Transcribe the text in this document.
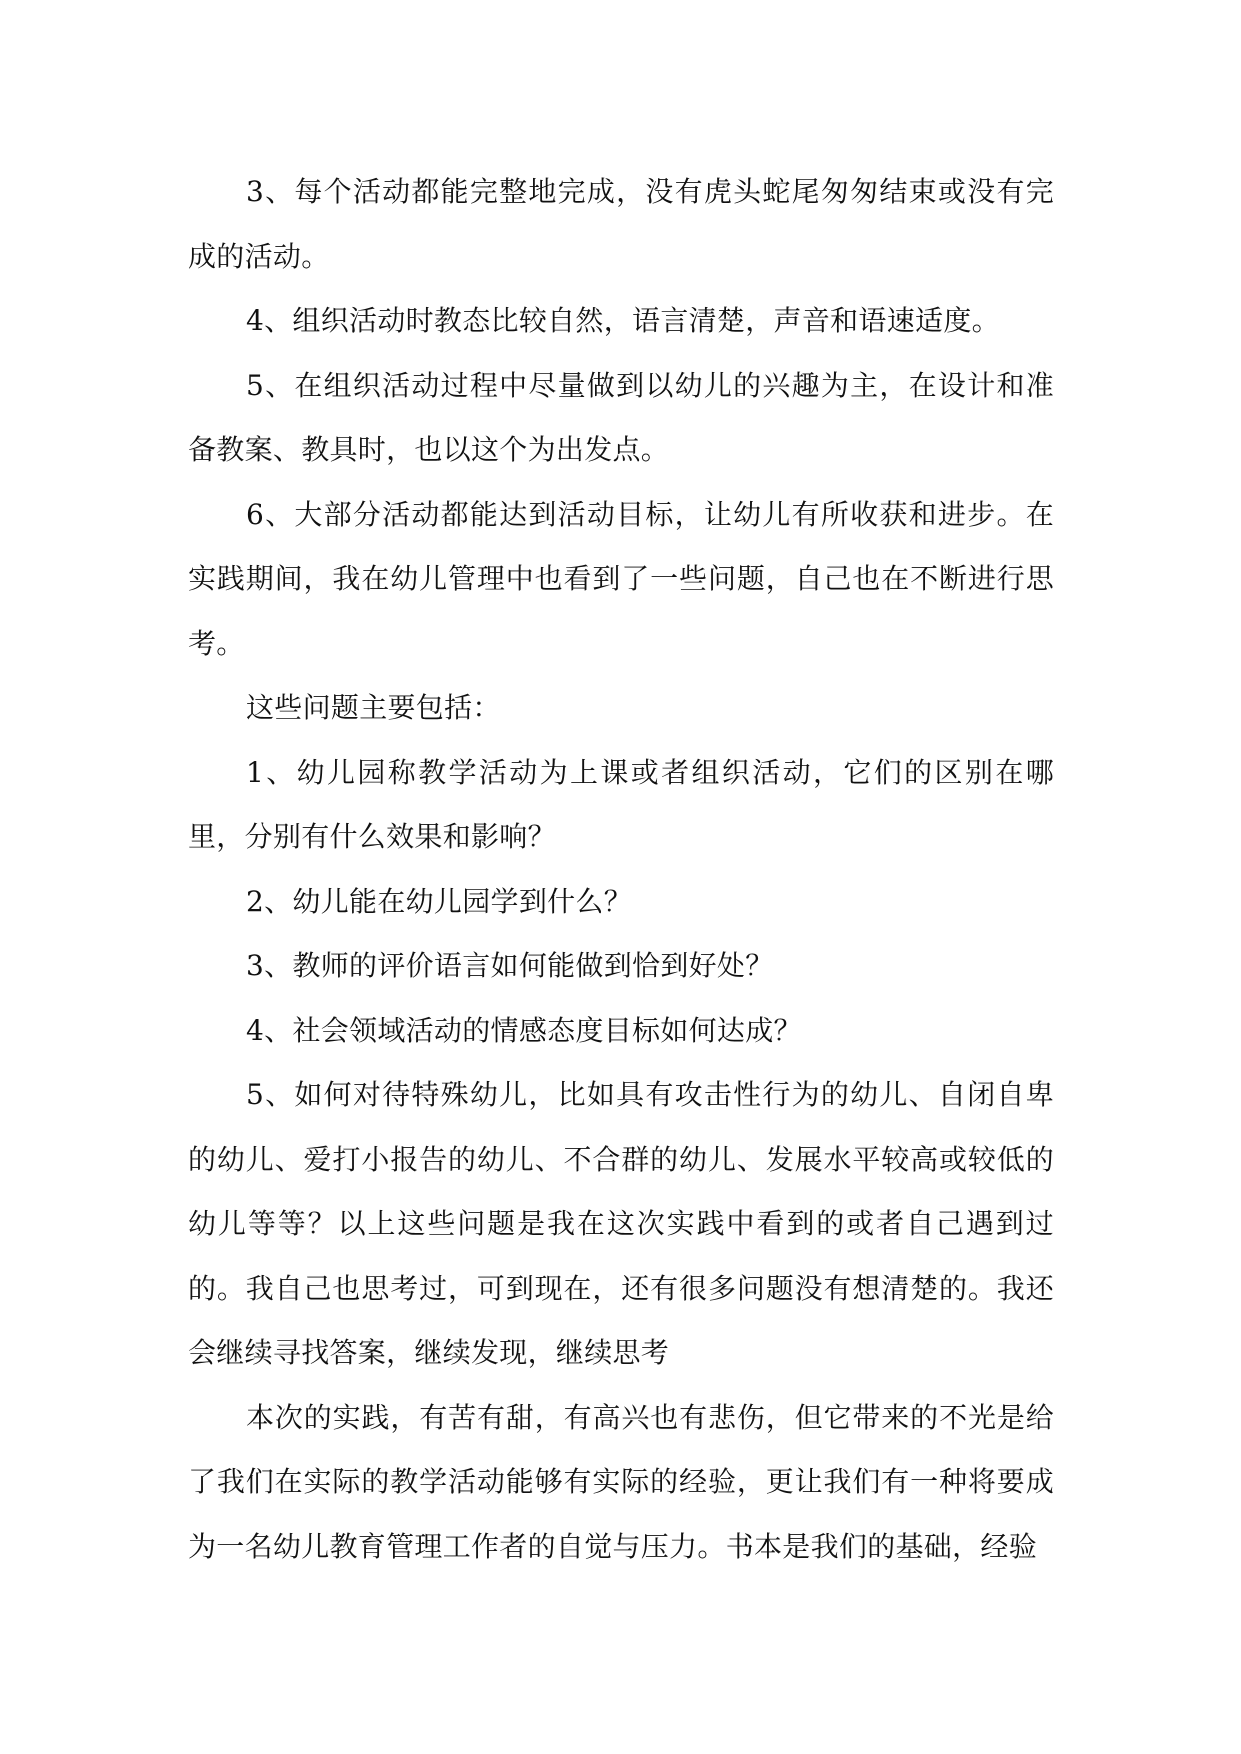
3、每个活动都能完整地完成，没有虎头蛇尾匆匆结束或没有完成的活动。

4、组织活动时教态比较自然，语言清楚，声音和语速适度。

5、在组织活动过程中尽量做到以幼儿的兴趣为主，在设计和准备教案、教具时，也以这个为出发点。

6、大部分活动都能达到活动目标，让幼儿有所收获和进步。在实践期间，我在幼儿管理中也看到了一些问题，自己也在不断进行思考。

这些问题主要包括：

1、幼儿园称教学活动为上课或者组织活动，它们的区别在哪里，分别有什么效果和影响？

2、幼儿能在幼儿园学到什么？

3、教师的评价语言如何能做到恰到好处？

4、社会领域活动的情感态度目标如何达成？

5、如何对待特殊幼儿，比如具有攻击性行为的幼儿、自闭自卑的幼儿、爱打小报告的幼儿、不合群的幼儿、发展水平较高或较低的幼儿等等？以上这些问题是我在这次实践中看到的或者自己遇到过的。我自己也思考过，可到现在，还有很多问题没有想清楚的。我还会继续寻找答案，继续发现，继续思考

本次的实践，有苦有甜，有高兴也有悲伤，但它带来的不光是给了我们在实际的教学活动能够有实际的经验，更让我们有一种将要成为一名幼儿教育管理工作者的自觉与压力。书本是我们的基础，经验
